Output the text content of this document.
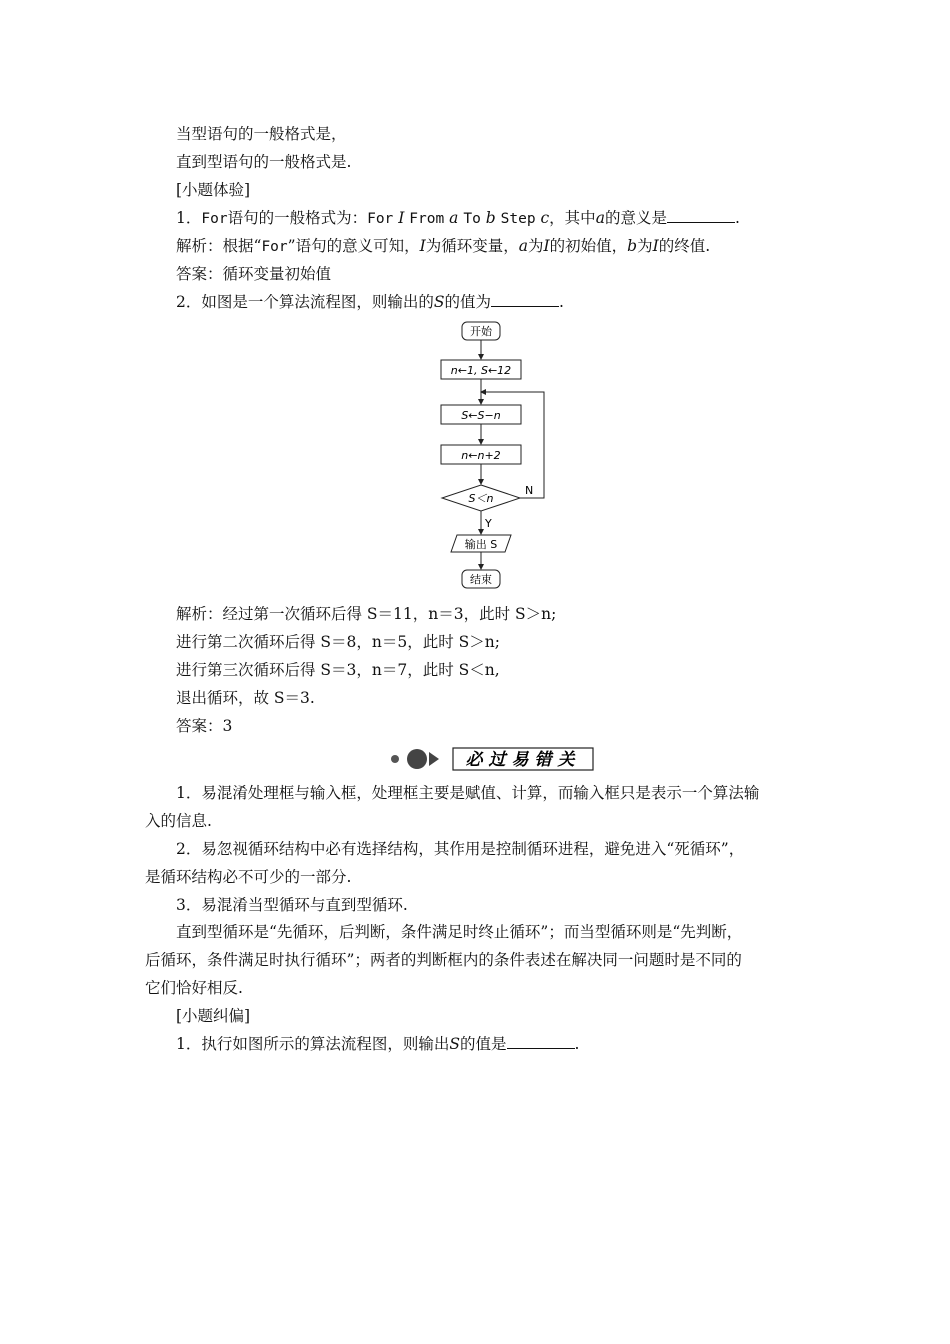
当型语句的一般格式是，
直到型语句的一般格式是.
[小题体验]
1．For语句的一般格式为：For I From a To b Step c，其中a的意义是	.
解析：根据“For”语句的意义可知，I为循环变量，a为I的初始值，b为I的终值.
答案：循环变量初始值
2．如图是一个算法流程图，则输出的S的值为	.
开始
n←1, S←12
S←S−n
n←n+2
S＜n
N
Y
输出 S
结束
解析：经过第一次循环后得 S＝11，n＝3，此时 S＞n;
进行第二次循环后得 S＝8，n＝5，此时 S＞n;
进行第三次循环后得 S＝3，n＝7，此时 S＜n,
退出循环，故 S＝3.
答案：3
必过易错关
1．易混淆处理框与输入框，处理框主要是赋值、计算，而输入框只是表示一个算法输
入的信息.
2．易忽视循环结构中必有选择结构，其作用是控制循环进程，避免进入“死循环”，
是循环结构必不可少的一部分.
3．易混淆当型循环与直到型循环.
直到型循环是“先循环，后判断，条件满足时终止循环”；而当型循环则是“先判断，
后循环，条件满足时执行循环”；两者的判断框内的条件表述在解决同一问题时是不同的
它们恰好相反.
[小题纠偏]
1．执行如图所示的算法流程图，则输出S的值是	.
